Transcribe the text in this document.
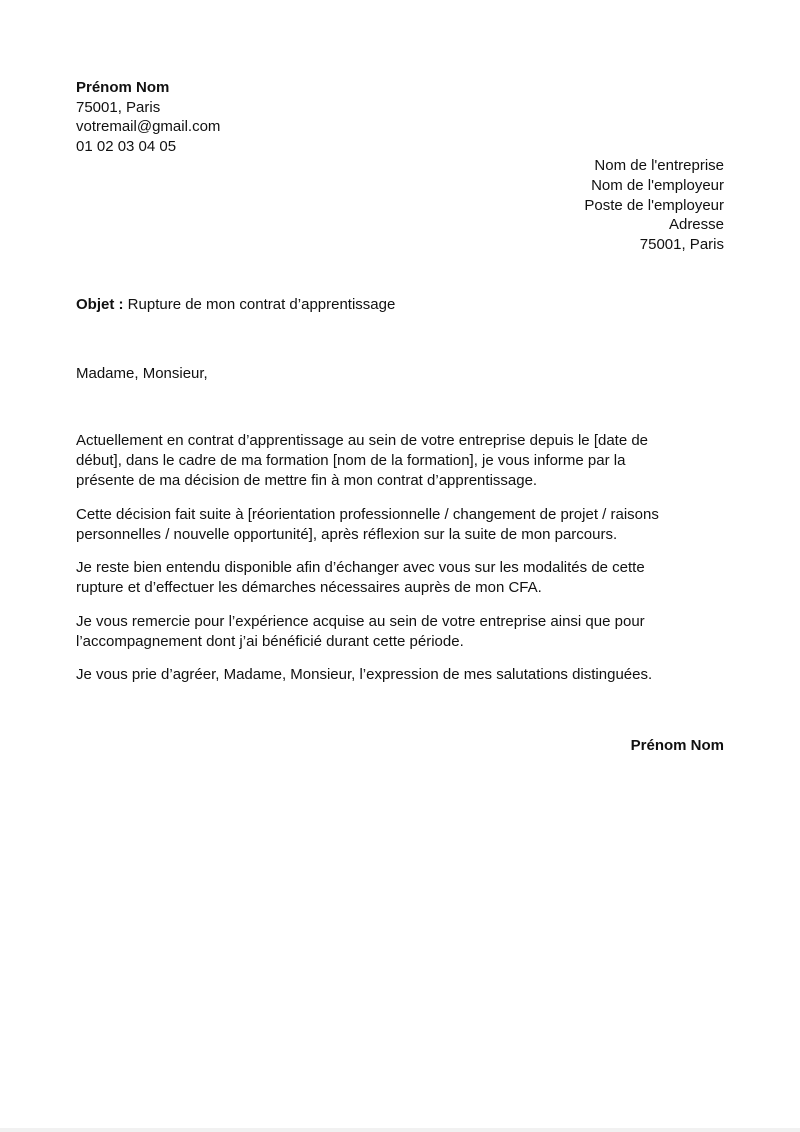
Prénom Nom
75001, Paris
votremail@gmail.com
01 02 03 04 05
Nom de l'entreprise
Nom de l'employeur
Poste de l'employeur
Adresse
75001, Paris
Objet : Rupture de mon contrat d’apprentissage
Madame, Monsieur,

Actuellement en contrat d’apprentissage au sein de votre entreprise depuis le [date de
début], dans le cadre de ma formation [nom de la formation], je vous informe par la
présente de ma décision de mettre fin à mon contrat d’apprentissage.

Cette décision fait suite à [réorientation professionnelle / changement de projet / raisons
personnelles / nouvelle opportunité], après réflexion sur la suite de mon parcours.

Je reste bien entendu disponible afin d’échanger avec vous sur les modalités de cette
rupture et d’effectuer les démarches nécessaires auprès de mon CFA.

Je vous remercie pour l’expérience acquise au sein de votre entreprise ainsi que pour
l’accompagnement dont j’ai bénéficié durant cette période.

Je vous prie d’agréer, Madame, Monsieur, l’expression de mes salutations distinguées.

Prénom Nom
